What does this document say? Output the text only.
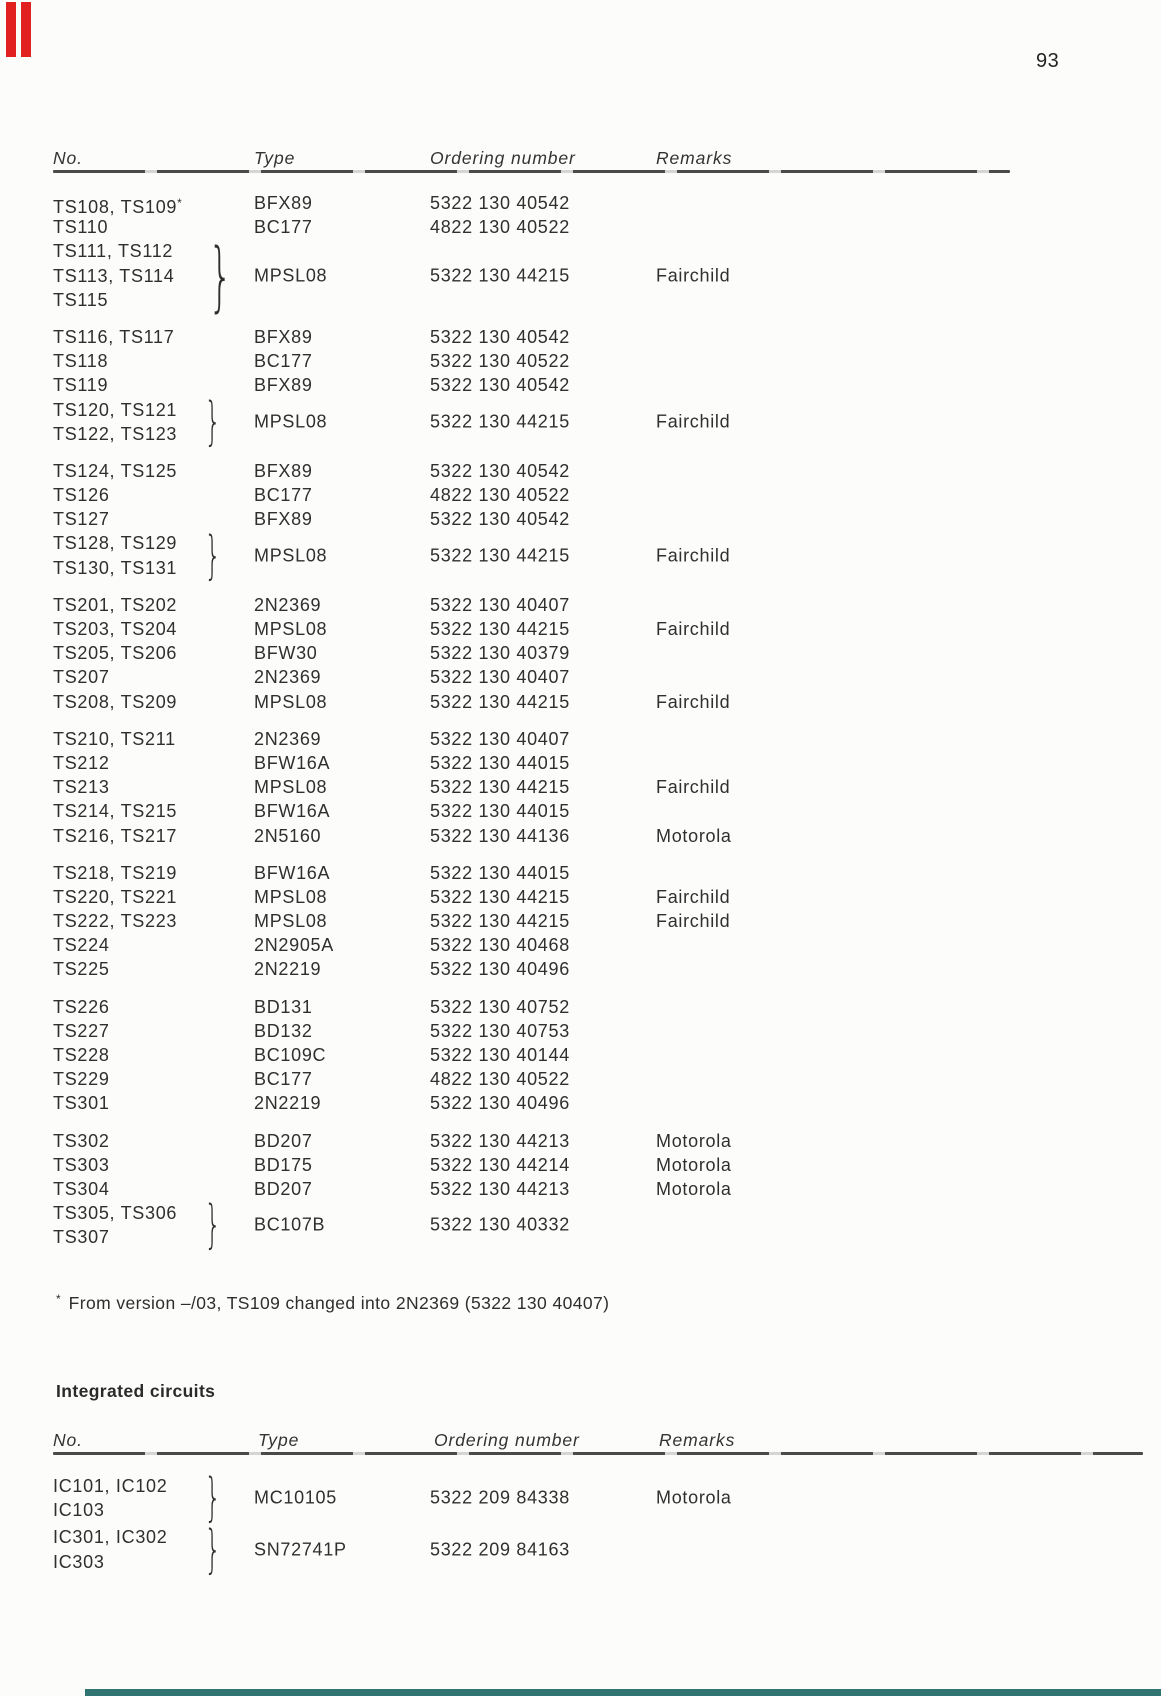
93
No.	Type	Ordering number	Remarks
TS108, TS109*	BFX89	5322 130 40542
TS110	BC177	4822 130 40522
TS111, TS112
TS113, TS114
TS115	} MPSL08	5322 130 44215	Fairchild
TS116, TS117	BFX89	5322 130 40542
TS118	BC177	5322 130 40522
TS119	BFX89	5322 130 40542
TS120, TS121
TS122, TS123 } MPSL08	5322 130 44215	Fairchild
TS124, TS125	BFX89	5322 130 40542
TS126	BC177	4822 130 40522
TS127	BFX89	5322 130 40542
TS128, TS129
TS130, TS131 } MPSL08	5322 130 44215	Fairchild
TS201, TS202	2N2369	5322 130 40407
TS203, TS204	MPSL08	5322 130 44215	Fairchild
TS205, TS206	BFW30	5322 130 40379
TS207	2N2369	5322 130 40407
TS208, TS209	MPSL08	5322 130 44215	Fairchild
TS210, TS211	2N2369	5322 130 40407
TS212	BFW16A	5322 130 44015
TS213	MPSL08	5322 130 44215	Fairchild
TS214, TS215	BFW16A	5322 130 44015
TS216, TS217	2N5160	5322 130 44136	Motorola
TS218, TS219	BFW16A	5322 130 44015
TS220, TS221	MPSL08	5322 130 44215	Fairchild
TS222, TS223	MPSL08	5322 130 44215	Fairchild
TS224	2N2905A	5322 130 40468
TS225	2N2219	5322 130 40496
TS226	BD131	5322 130 40752
TS227	BD132	5322 130 40753
TS228	BC109C	5322 130 40144
TS229	BC177	4822 130 40522
TS301	2N2219	5322 130 40496
TS302	BD207	5322 130 44213	Motorola
TS303	BD175	5322 130 44214	Motorola
TS304	BD207	5322 130 44213	Motorola
TS305, TS306
TS307	} BC107B	5322 130 40332
* From version –/03, TS109 changed into 2N2369 (5322 130 40407)
Integrated circuits
No.	Type	Ordering number	Remarks
IC101, IC102
IC103	} MC10105	5322 209 84338	Motorola
IC301, IC302
IC303	} SN72741P	5322 209 84163
